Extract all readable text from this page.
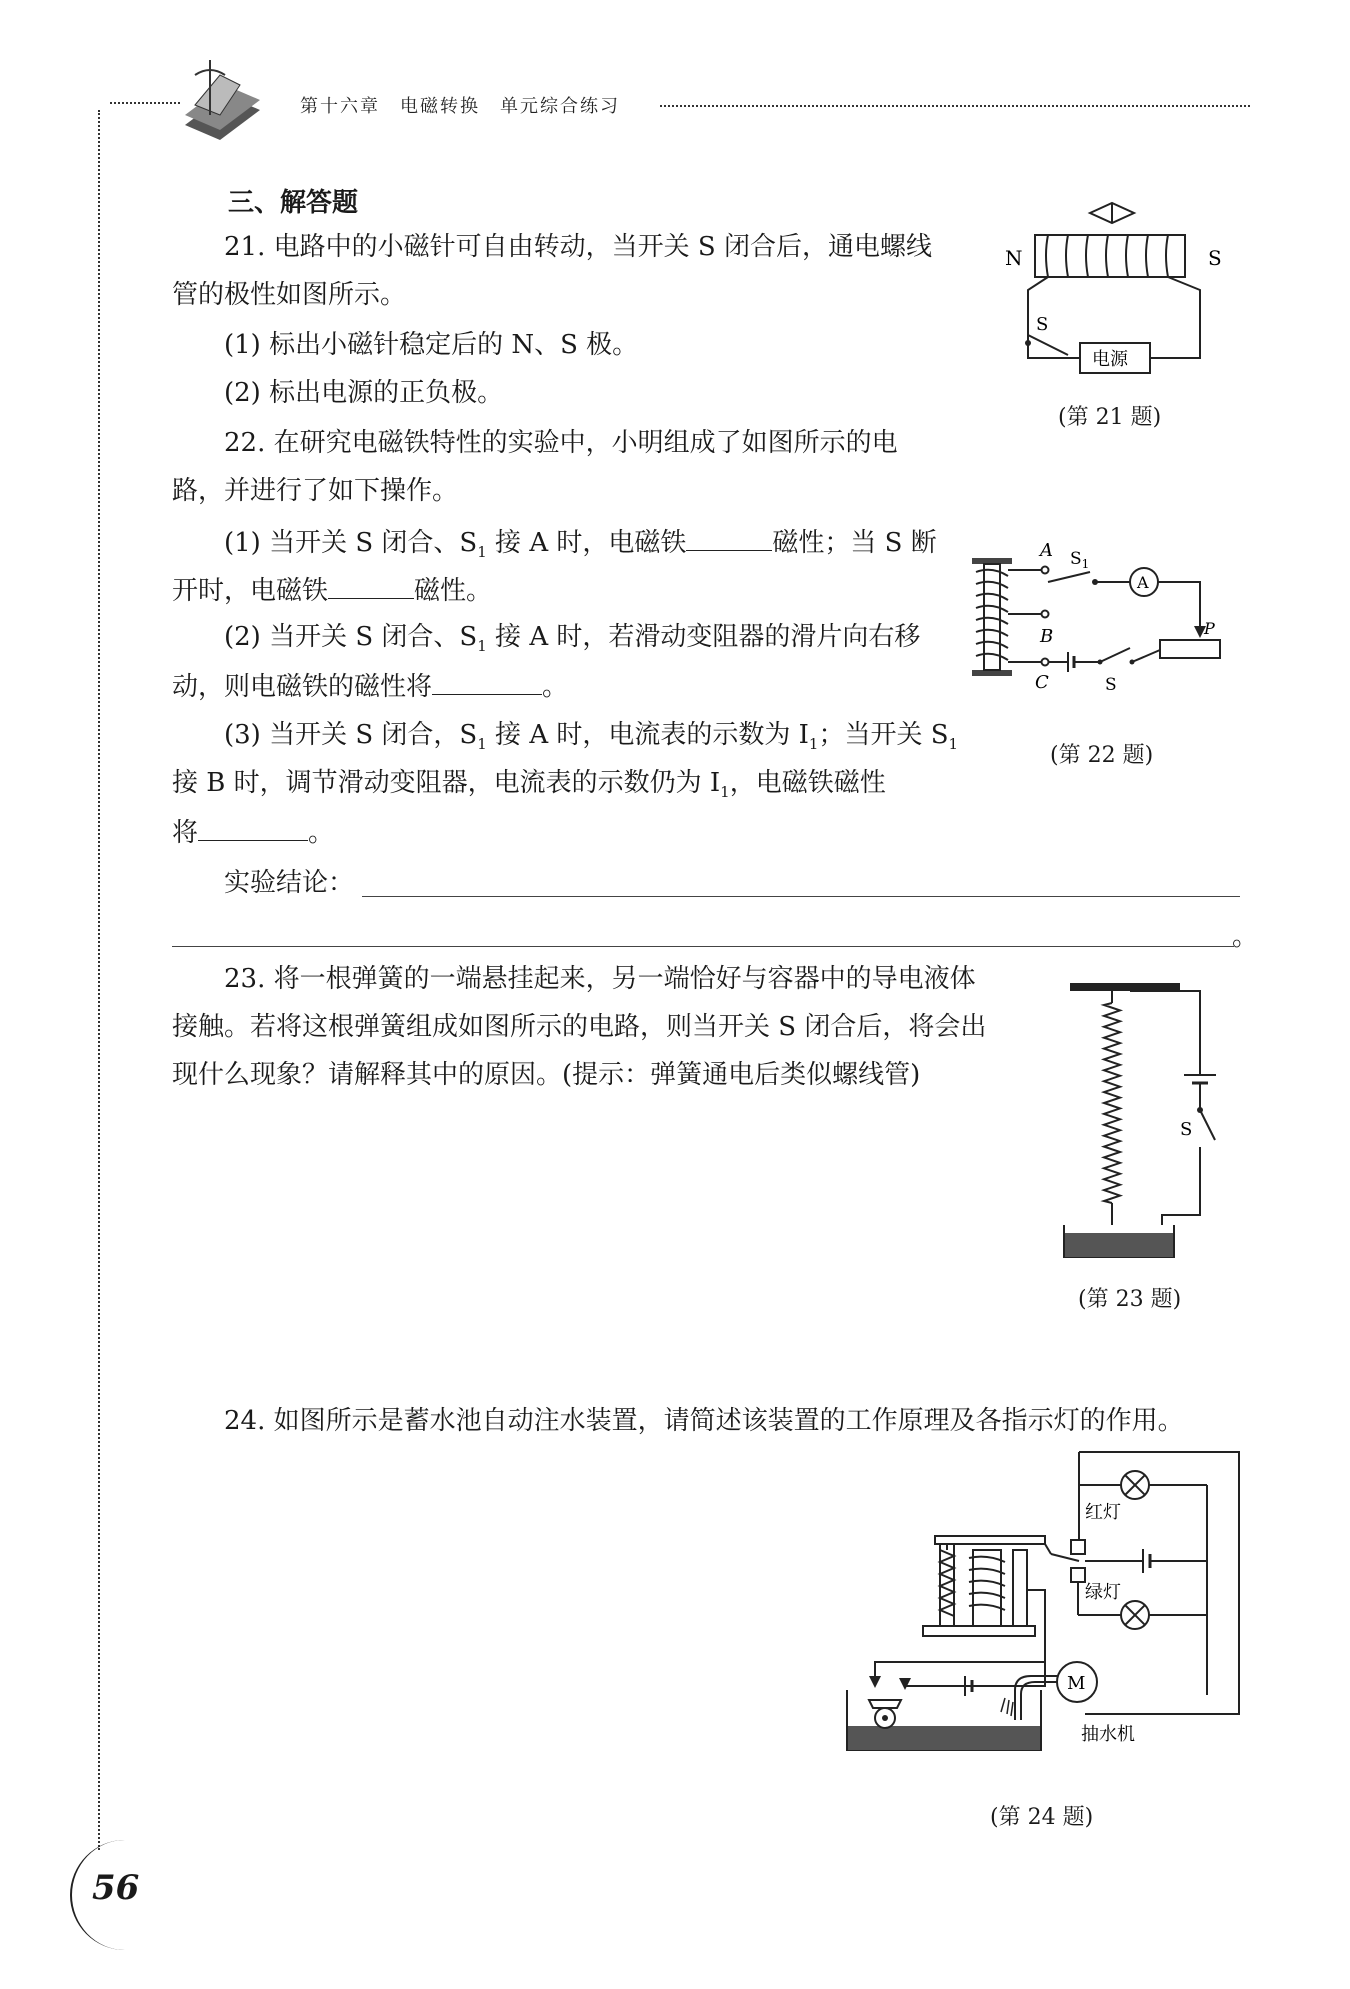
第十六章　电磁转换　单元综合练习
三、解答题
21. 电路中的小磁针可自由转动，当开关 S 闭合后，通电螺线
管的极性如图所示。
(1) 标出小磁针稳定后的 N、S 极。
(2) 标出电源的正负极。
N	S
S
电源
(第 21 题)
22. 在研究电磁铁特性的实验中，小明组成了如图所示的电
路，并进行了如下操作。
(1) 当开关 S 闭合、$S_1$ 接 A 时，电磁铁	磁性；当 S 断
开时，电磁铁	磁性。
(2) 当开关 S 闭合、$S_1$ 接 A 时，若滑动变阻器的滑片向右移
动，则电磁铁的磁性将	。
(3) 当开关 S 闭合，$S_1$ 接 A 时，电流表的示数为 $I_1$；当开关 $S_1$
接 B 时，调节滑动变阻器，电流表的示数仍为 $I_1$，电磁铁磁性
将	。
实验结论：
。
A
B
C
$S_1$
A
P
S
(第 22 题)
23. 将一根弹簧的一端悬挂起来，另一端恰好与容器中的导电液体
接触。若将这根弹簧组成如图所示的电路，则当开关 S 闭合后，将会出
现什么现象？请解释其中的原因。(提示：弹簧通电后类似螺线管)
S
(第 23 题)
24. 如图所示是蓄水池自动注水装置，请简述该装置的工作原理及各指示灯的作用。
红灯
绿灯
M
抽水机
(第 24 题)
56
